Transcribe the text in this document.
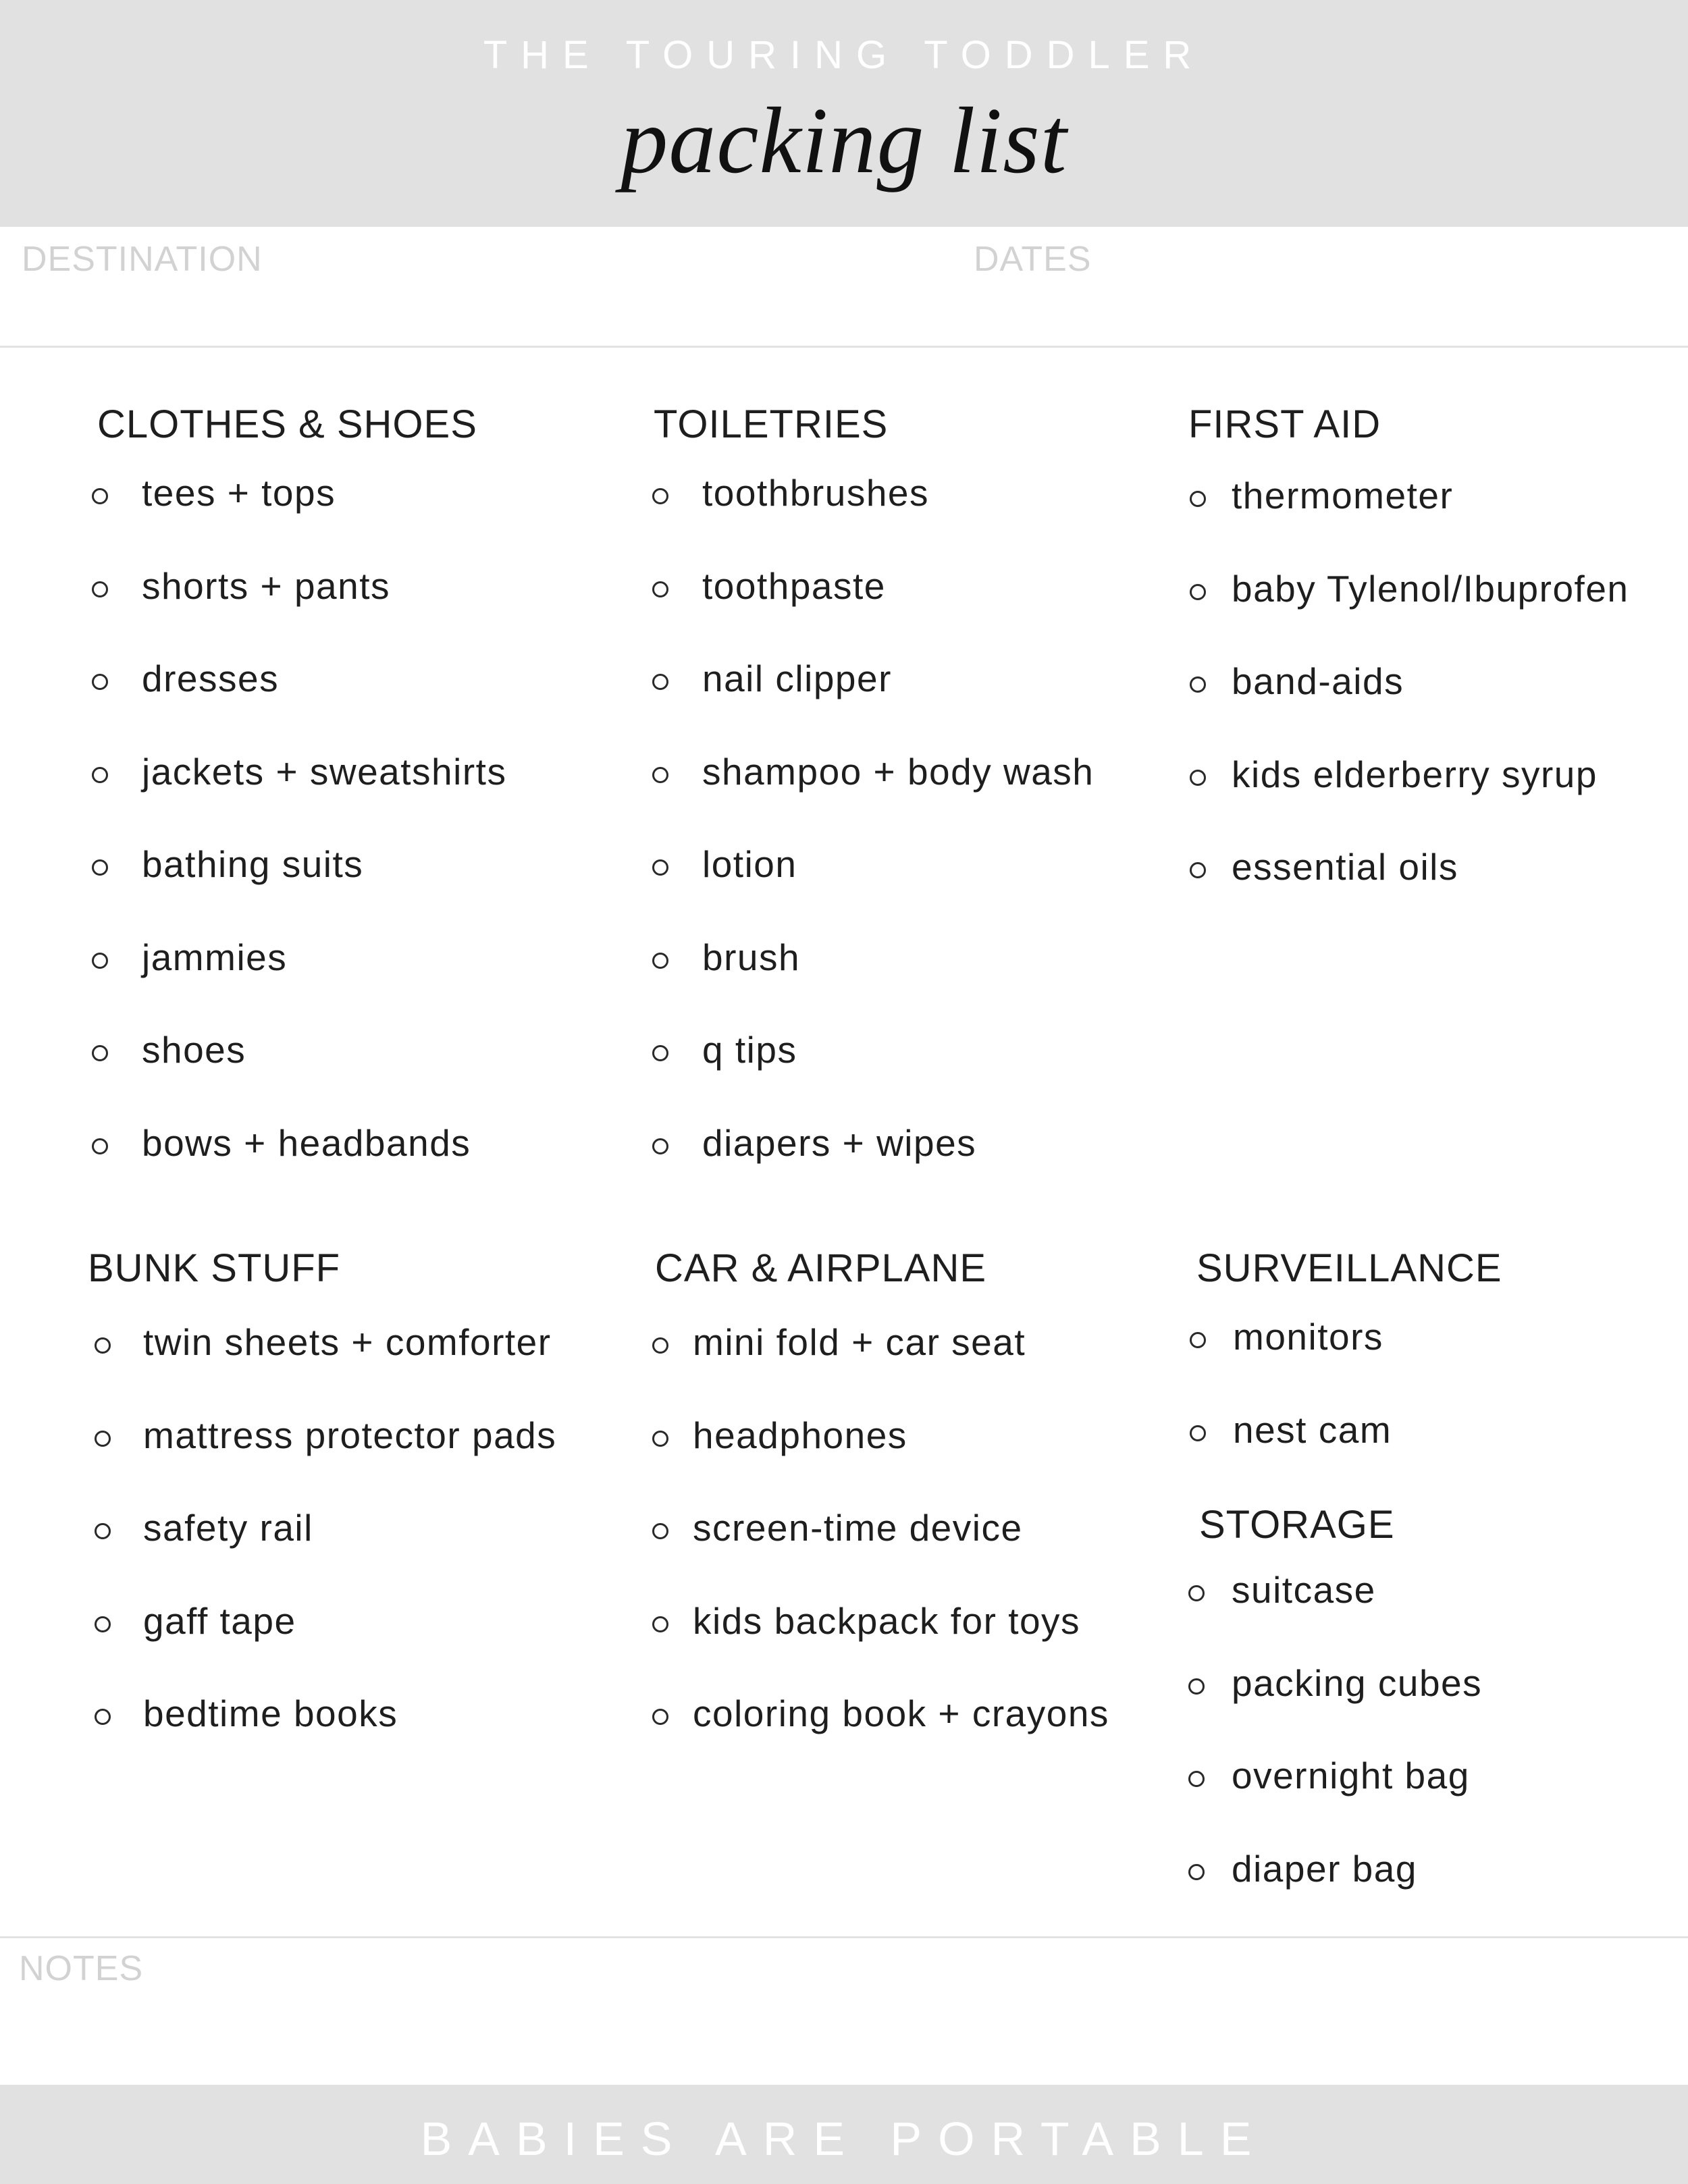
THE TOURING TODDLER
packing list
DESTINATION	DATES
CLOTHES & SHOES
tees + tops
shorts + pants
dresses
jackets + sweatshirts
bathing suits
jammies
shoes
bows + headbands
TOILETRIES
toothbrushes
toothpaste
nail clipper
shampoo + body wash
lotion
brush
q tips
diapers + wipes
FIRST AID
thermometer
baby Tylenol/Ibuprofen
band-aids
kids elderberry syrup
essential oils
BUNK STUFF
twin sheets + comforter
mattress protector pads
safety rail
gaff tape
bedtime books
CAR & AIRPLANE
mini fold + car seat
headphones
screen-time device
kids backpack for toys
coloring book + crayons
SURVEILLANCE
monitors
nest cam
STORAGE
suitcase
packing cubes
overnight bag
diaper bag
NOTES
BABIES ARE PORTABLE
